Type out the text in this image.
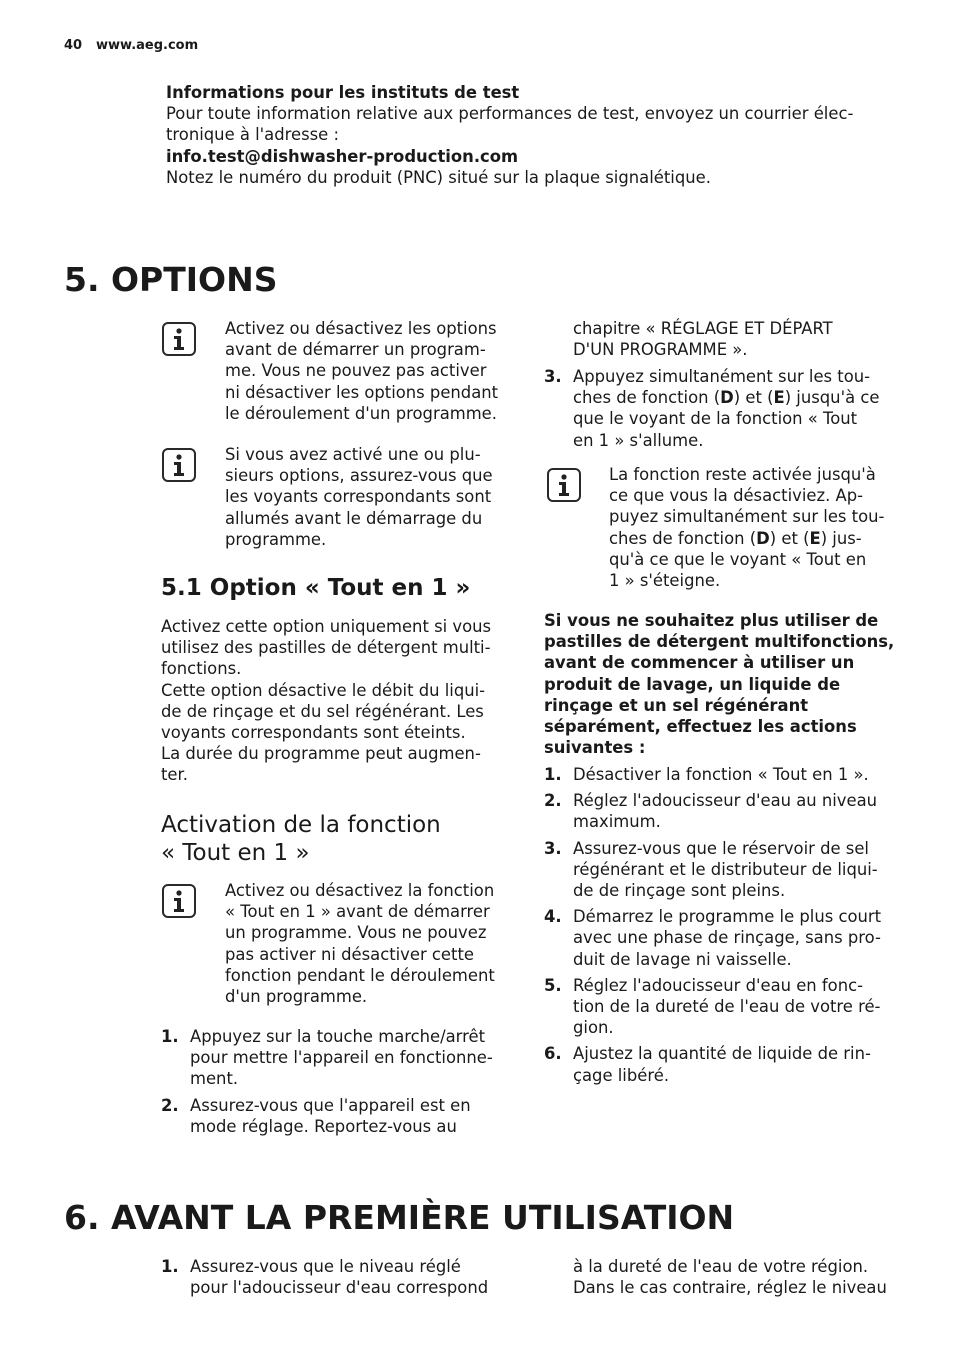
40 www.aeg.com

Informations pour les instituts de test

Pour toute information relative aux performances de test, envoyez un courrier élec-

tronique à l'adresse :

info.test@dishwasher-production.com

Notez le numéro du produit (PNC) situé sur la plaque signalétique.

5. OPTIONS

Activez ou désactivez les options

avant de démarrer un program-

me. Vous ne pouvez pas activer

ni désactiver les options pendant

le déroulement d'un programme.

Si vous avez activé une ou plu-

sieurs options, assurez-vous que

les voyants correspondants sont

allumés avant le démarrage du

programme.

5.1 Option « Tout en 1 »

Activez cette option uniquement si vous

utilisez des pastilles de détergent multi-

fonctions.

Cette option désactive le débit du liqui-

de de rinçage et du sel régénérant. Les

voyants correspondants sont éteints.

La durée du programme peut augmen-

ter.

Activation de la fonction
« Tout en 1 »

Activez ou désactivez la fonction

« Tout en 1 » avant de démarrer

un programme. Vous ne pouvez

pas activer ni désactiver cette

fonction pendant le déroulement

d'un programme.

1. Appuyez sur la touche marche/arrêt

pour mettre l'appareil en fonctionne-

ment.

2. Assurez-vous que l'appareil est en

mode réglage. Reportez-vous au

chapitre « RÉGLAGE ET DÉPART

D'UN PROGRAMME ».

3. Appuyez simultanément sur les tou-

ches de fonction (D) et (E) jusqu'à ce

que le voyant de la fonction « Tout

en 1 » s'allume.

La fonction reste activée jusqu'à

ce que vous la désactiviez. Ap-

puyez simultanément sur les tou-

ches de fonction (D) et (E) jus-

qu'à ce que le voyant « Tout en

1 » s'éteigne.

Si vous ne souhaitez plus utiliser de

pastilles de détergent multifonctions,

avant de commencer à utiliser un

produit de lavage, un liquide de

rinçage et un sel régénérant

séparément, effectuez les actions

suivantes :

1. Désactiver la fonction « Tout en 1 ».

2. Réglez l'adoucisseur d'eau au niveau

maximum.

3. Assurez-vous que le réservoir de sel

régénérant et le distributeur de liqui-

de de rinçage sont pleins.

4. Démarrez le programme le plus court

avec une phase de rinçage, sans pro-

duit de lavage ni vaisselle.

5. Réglez l'adoucisseur d'eau en fonc-

tion de la dureté de l'eau de votre ré-

gion.

6. Ajustez la quantité de liquide de rin-

çage libéré.

6. AVANT LA PREMIÈRE UTILISATION
1. Assurez-vous que le niveau réglé

pour l'adoucisseur d'eau correspond

à la dureté de l'eau de votre région.

Dans le cas contraire, réglez le niveau
